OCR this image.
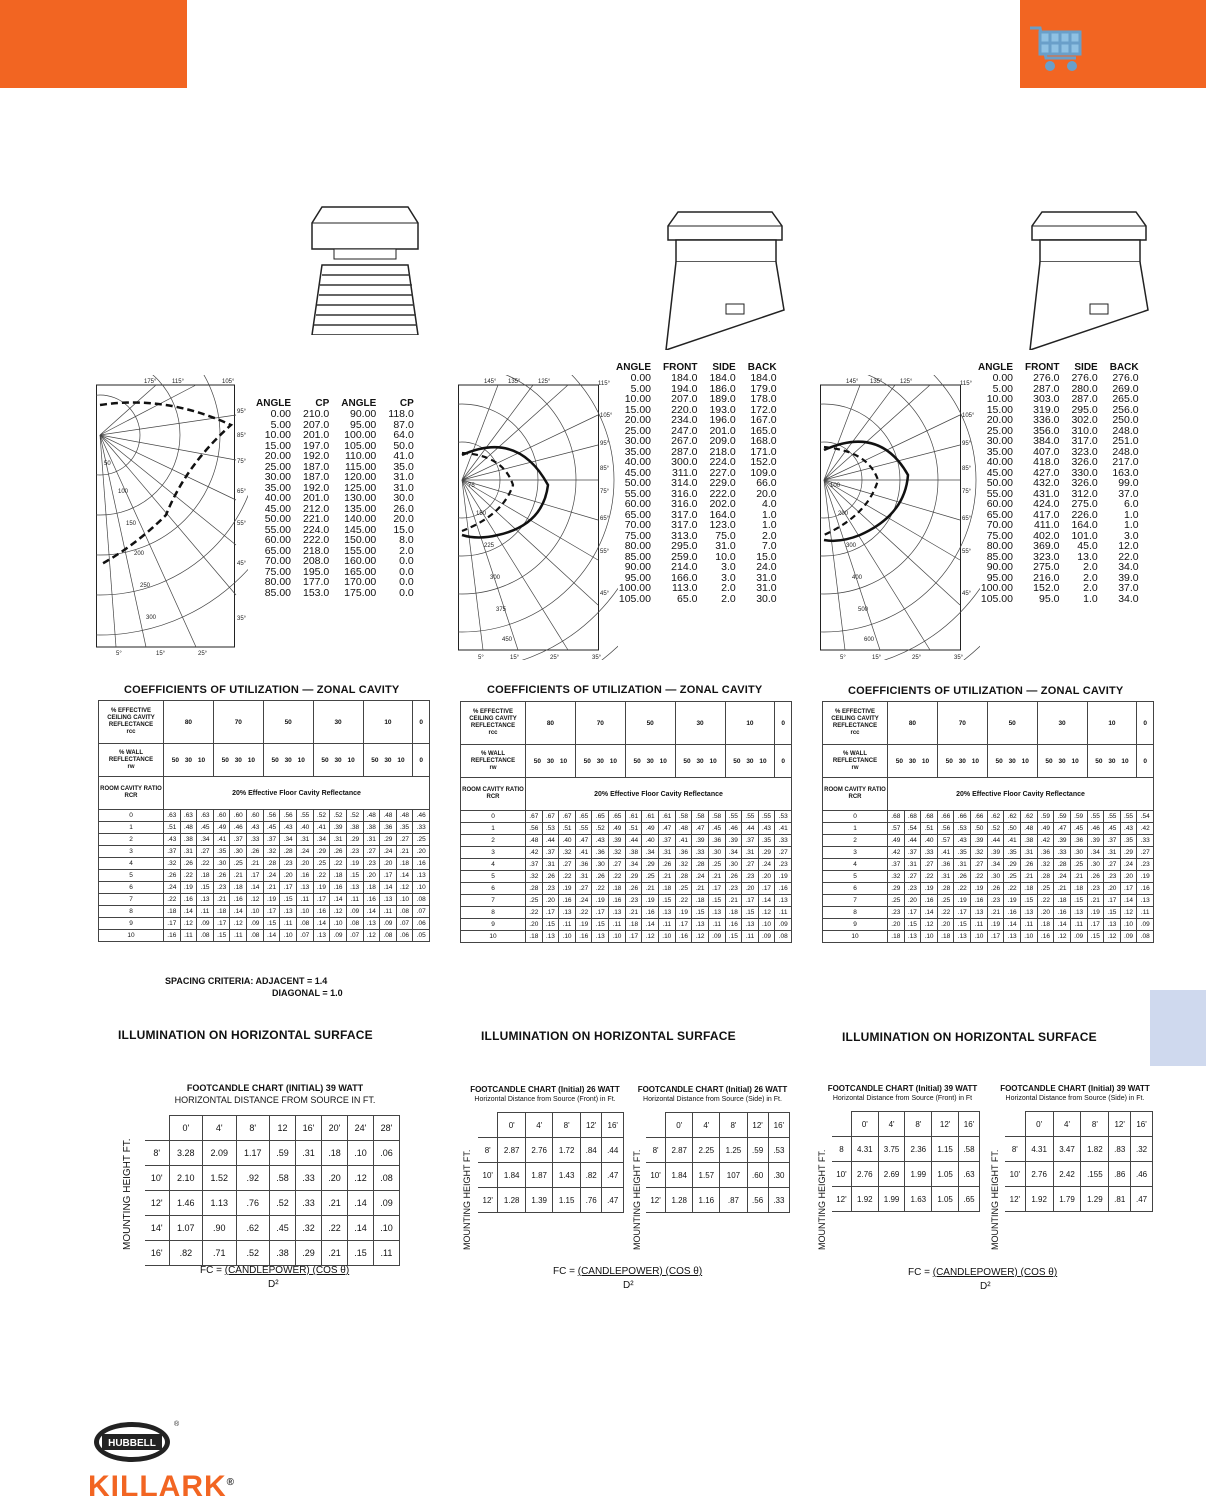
175°	115°	105°
95°
85°
75°
65°
55°
45°
35°
5°	15°	25°
50
100
150
200
250
300
145° 135°	125°	115°
105°
95°
85°
75°
65°
55°
45°
5°	15°	25°	35°
75
150
225
300
375
450
145° 135°	125°	115°
105°
95°
85°
75°
65°
55°
45°
5°	15°	25°	35°
100
200
300
400
500
600
ANGLE	CP	ANGLE	CP
0.00	210.0	90.00	118.0
5.00	207.0	95.00	87.0
10.00	201.0	100.00	64.0
15.00	197.0	105.00	50.0
20.00	192.0	110.00	41.0
25.00	187.0	115.00	35.0
30.00	187.0	120.00	31.0
35.00	192.0	125.00	31.0
40.00	201.0	130.00	30.0
45.00	212.0	135.00	26.0
50.00	221.0	140.00	20.0
55.00	224.0	145.00	15.0
60.00	222.0	150.00	8.0
65.00	218.0	155.00	2.0
70.00	208.0	160.00	0.0
75.00	195.0	165.00	0.0
80.00	177.0	170.00	0.0
85.00	153.0	175.00	0.0
ANGLE	FRONT	SIDE	BACK
0.00	184.0	184.0	184.0
5.00	194.0	186.0	179.0
10.00	207.0	189.0	178.0
15.00	220.0	193.0	172.0
20.00	234.0	196.0	167.0
25.00	247.0	201.0	165.0
30.00	267.0	209.0	168.0
35.00	287.0	218.0	171.0
40.00	300.0	224.0	152.0
45.00	311.0	227.0	109.0
50.00	314.0	229.0	66.0
55.00	316.0	222.0	20.0
60.00	316.0	202.0	4.0
65.00	317.0	164.0	1.0
70.00	317.0	123.0	1.0
75.00	313.0	75.0	2.0
80.00	295.0	31.0	7.0
85.00	259.0	10.0	15.0
90.00	214.0	3.0	24.0
95.00	166.0	3.0	31.0
100.00	113.0	2.0	31.0
105.00	65.0	2.0	30.0
ANGLE	FRONT	SIDE	BACK
0.00	276.0	276.0	276.0
5.00	287.0	280.0	269.0
10.00	303.0	287.0	265.0
15.00	319.0	295.0	256.0
20.00	336.0	302.0	250.0
25.00	356.0	310.0	248.0
30.00	384.0	317.0	251.0
35.00	407.0	323.0	248.0
40.00	418.0	326.0	217.0
45.00	427.0	330.0	163.0
50.00	432.0	326.0	99.0
55.00	431.0	312.0	37.0
60.00	424.0	275.0	6.0
65.00	417.0	226.0	1.0
70.00	411.0	164.0	1.0
75.00	402.0	101.0	3.0
80.00	369.0	45.0	12.0
85.00	323.0	13.0	22.0
90.00	275.0	2.0	34.0
95.00	216.0	2.0	39.0
100.00	152.0	2.0	37.0
105.00	95.0	1.0	34.0
COEFFICIENTS OF UTILIZATION — ZONAL CAVITY	COEFFICIENTS OF UTILIZATION — ZONAL CAVITY	COEFFICIENTS OF UTILIZATION — ZONAL CAVITY
% EFFECTIVE CEILING CAVITY REFLECTANCE
rcc	80			70			50			30			10			0

% WALL REFLECTANCE
rw	50 30 10			50 30 10			50 30 10			50 30 10			50 30 10			0

ROOM CAVITY RATIO
RCR	20% Effective Floor Cavity Reflectance															
0	.63	.63	.63	.60	.60	.60	.56	.56	.55	.52	.52	.52	.48	.48	.48	.46
1	.51	.48	.45	.49	.46	.43	.45	.43	.40	.41	.39	.38	.38	.36	.35	.33
2	.43	.38	.34	.41	.37	.33	.37	.34	.31	.34	.31	.29	.31	.29	.27	.25
3	.37	.31	.27	.35	.30	.26	.32	.28	.24	.29	.26	.23	.27	.24	.21	.20
4	.32	.26	.22	.30	.25	.21	.28	.23	.20	.25	.22	.19	.23	.20	.18	.16
5	.26	.22	.18	.26	.21	.17	.24	.20	.16	.22	.18	.15	.20	.17	.14	.13
6	.24	.19	.15	.23	.18	.14	.21	.17	.13	.19	.16	.13	.18	.14	.12	.10
7	.22	.16	.13	.21	.16	.12	.19	.15	.11	.17	.14	.11	.16	.13	.10	.08
8	.18	.14	.11	.18	.14	.10	.17	.13	.10	.16	.12	.09	.14	.11	.08	.07
9	.17	.12	.09	.17	.12	.09	.15	.11	.08	.14	.10	.08	.13	.09	.07	.06
10	.16	.11	.08	.15	.11	.08	.14	.10	.07	.13	.09	.07	.12	.08	.06	.05
% EFFECTIVE CEILING CAVITY REFLECTANCE
rcc	80			70			50			30			10			0

% WALL REFLECTANCE
rw	50 30 10			50 30 10			50 30 10			50 30 10			50 30 10			0

ROOM CAVITY RATIO
RCR	20% Effective Floor Cavity Reflectance															
0	.67	.67	.67	.65	.65	.65	.61	.61	.61	.58	.58	.58	.55	.55	.55	.53
1	.56	.53	.51	.55	.52	.49	.51	.49	.47	.48	.47	.45	.46	.44	.43	.41
2	.48	.44	.40	.47	.43	.39	.44	.40	.37	.41	.39	.36	.39	.37	.35	.33
3	.42	.37	.32	.41	.36	.32	.38	.34	.31	.36	.33	.30	.34	.31	.29	.27
4	.37	.31	.27	.36	.30	.27	.34	.29	.26	.32	.28	.25	.30	.27	.24	.23
5	.32	.26	.22	.31	.26	.22	.29	.25	.21	.28	.24	.21	.26	.23	.20	.19
6	.28	.23	.19	.27	.22	.18	.26	.21	.18	.25	.21	.17	.23	.20	.17	.16
7	.25	.20	.16	.24	.19	.16	.23	.19	.15	.22	.18	.15	.21	.17	.14	.13
8	.22	.17	.13	.22	.17	.13	.21	.16	.13	.19	.15	.13	.18	.15	.12	.11
9	.20	.15	.11	.19	.15	.11	.18	.14	.11	.17	.13	.11	.16	.13	.10	.09
10	.18	.13	.10	.16	.13	.10	.17	.12	.10	.16	.12	.09	.15	.11	.09	.08
% EFFECTIVE CEILING CAVITY REFLECTANCE
rcc	80			70			50			30			10			0

% WALL REFLECTANCE
rw	50 30 10			50 30 10			50 30 10			50 30 10			50 30 10			0

ROOM CAVITY RATIO
RCR	20% Effective Floor Cavity Reflectance															
0	.68	.68	.68	.66	.66	.66	.62	.62	.62	.59	.59	.59	.55	.55	.55	.54
1	.57	.54	.51	.56	.53	.50	.52	.50	.48	.49	.47	.45	.46	.45	.43	.42
2	.49	.44	.40	.57	.43	.39	.44	.41	.38	.42	.39	.36	.39	.37	.35	.33
3	.42	.37	.33	.41	.35	.32	.39	.35	.31	.36	.33	.30	.34	.31	.29	.27
4	.37	.31	.27	.36	.31	.27	.34	.29	.26	.32	.28	.25	.30	.27	.24	.23
5	.32	.27	.22	.31	.26	.22	.30	.25	.21	.28	.24	.21	.26	.23	.20	.19
6	.29	.23	.19	.28	.22	.19	.26	.22	.18	.25	.21	.18	.23	.20	.17	.16
7	.25	.20	.16	.25	.19	.16	.23	.19	.15	.22	.18	.15	.21	.17	.14	.13
8	.23	.17	.14	.22	.17	.13	.21	.16	.13	.20	.16	.13	.19	.15	.12	.11
9	.20	.15	.12	.20	.15	.11	.19	.14	.11	.18	.14	.11	.17	.13	.10	.09
10	.18	.13	.10	.18	.13	.10	.17	.13	.10	.16	.12	.09	.15	.12	.09	.08
SPACING CRITERIA: ADJACENT = 1.4
DIAGONAL = 1.0
ILLUMINATION ON HORIZONTAL SURFACE	ILLUMINATION ON HORIZONTAL SURFACE	ILLUMINATION ON HORIZONTAL SURFACE
FOOTCANDLE CHART (INITIAL) 39 WATT
HORIZONTAL DISTANCE FROM SOURCE IN FT.
MOUNTING HEIGHT FT.
	0'	4'	8'	12	16'	20'	24'	28'
8'	3.28	2.09	1.17	.59	.31	.18	.10	.06
10'	2.10	1.52	.92	.58	.33	.20	.12	.08
12'	1.46	1.13	.76	.52	.33	.21	.14	.09
14'	1.07	.90	.62	.45	.32	.22	.14	.10
16'	.82	.71	.52	.38	.29	.21	.15	.11
FC = (CANDLEPOWER) (COS θ)
D²
FOOTCANDLE CHART (Initial) 26 WATT
Horizontal Distance from Source (Front) in Ft.
FOOTCANDLE CHART (Initial) 26 WATT
Horizontal Distance from Source (Side) in Ft.
MOUNTING HEIGHT FT.	MOUNTING HEIGHT FT.
	0'	4'	8'	12'	16'
8'	2.87	2.76	1.72	.84	.44
10'	1.84	1.87	1.43	.82	.47
12'	1.28	1.39	1.15	.76	.47
	0'	4'	8'	12'	16'
8'	2.87	2.25	1.25	.59	.53
10'	1.84	1.57	107	.60	.30
12'	1.28	1.16	.87	.56	.33
FC = (CANDLEPOWER) (COS θ)
D²
FOOTCANDLE CHART (Initial) 39 WATT
Horizontal Distance from Source (Front) in Ft
FOOTCANDLE CHART (Initial) 39 WATT
Horizontal Distance from Source (Side) in Ft.
MOUNTING HEIGHT FT.	MOUNTING HEIGHT FT.
	0'	4'	8'	12'	16'
8	4.31	3.75	2.36	1.15	.58
10'	2.76	2.69	1.99	1.05	.63
12'	1.92	1.99	1.63	1.05	.65
	0'	4'	8'	12'	16'
8'	4.31	3.47	1.82	.83	.32
10'	2.76	2.42	.155	.86	.46
12'	1.92	1.79	1.29	.81	.47
FC = (CANDLEPOWER) (COS θ)
D²
HUBBELL
®
KILLARK®
